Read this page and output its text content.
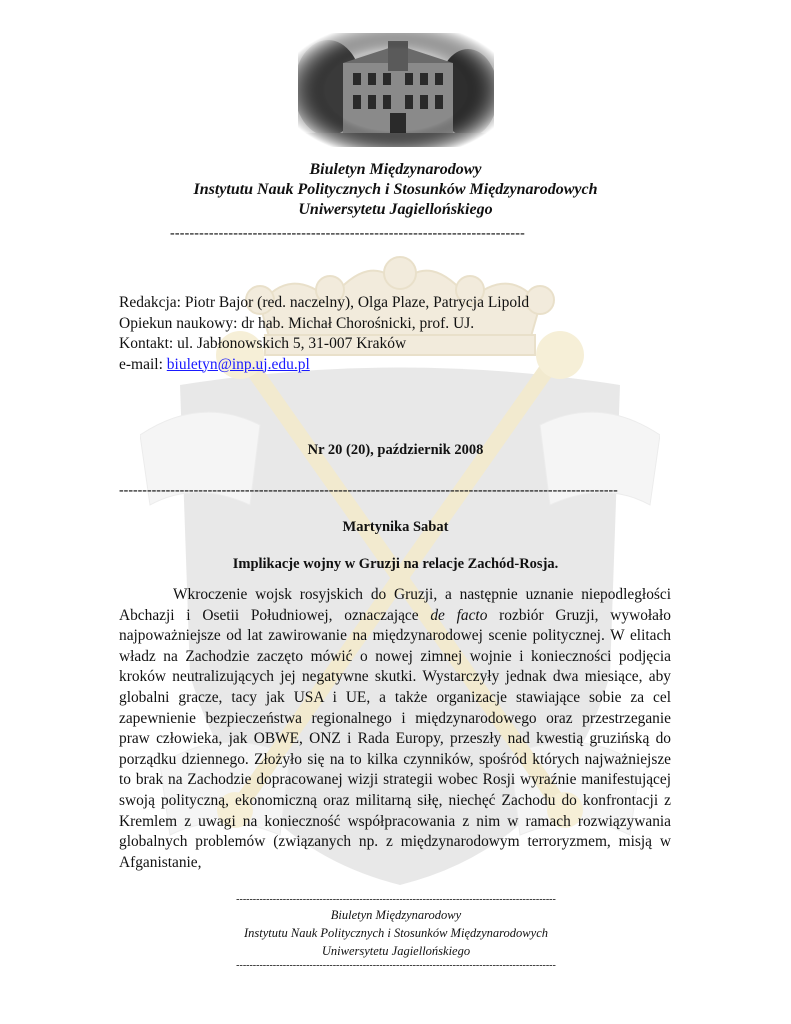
Biuletyn Międzynarodowy
Instytutu Nauk Politycznych i Stosunków Międzynarodowych
Uniwersytetu Jagiellońskiego
-------------------------------------------------------------------------
Redakcja: Piotr Bajor (red. naczelny), Olga Plaze, Patrycja Lipold
Opiekun naukowy: dr hab. Michał Chorośnicki, prof. UJ.
Kontakt: ul. Jabłonowskich 5, 31-007 Kraków
e-mail: biuletyn@inp.uj.edu.pl
Nr 20 (20), październik 2008
-----------------------------------------------------------------------------------------------------------
Martynika Sabat
Implikacje wojny w Gruzji na relacje Zachód-Rosja.

Wkroczenie wojsk rosyjskich do Gruzji, a następnie uznanie niepodległości Abchazji i Osetii Południowej, oznaczające de facto rozbiór Gruzji, wywołało najpoważniejsze od lat zawirowanie na międzynarodowej scenie politycznej. W elitach władz na Zachodzie zaczęto mówić o nowej zimnej wojnie i konieczności podjęcia kroków neutralizujących jej negatywne skutki. Wystarczyły jednak dwa miesiące, aby globalni gracze, tacy jak USA i UE, a także organizacje stawiające sobie za cel zapewnienie bezpieczeństwa regionalnego i międzynarodowego oraz przestrzeganie praw człowieka, jak OBWE, ONZ i Rada Europy, przeszły nad kwestią gruzińską do porządku dziennego. Złożyło się na to kilka czynników, spośród których najważniejsze to brak na Zachodzie dopracowanej wizji strategii wobec Rosji wyraźnie manifestującej swoją polityczną, ekonomiczną oraz militarną siłę, niechęć Zachodu do konfrontacji z Kremlem z uwagi na konieczność współpracowania z nim w ramach rozwiązywania globalnych problemów (związanych np. z międzynarodowym terroryzmem, misją w Afganistanie,

------------------------------------------------------------------------------------------------
Biuletyn Międzynarodowy
Instytutu Nauk Politycznych i Stosunków Międzynarodowych
Uniwersytetu Jagiellońskiego
------------------------------------------------------------------------------------------------
